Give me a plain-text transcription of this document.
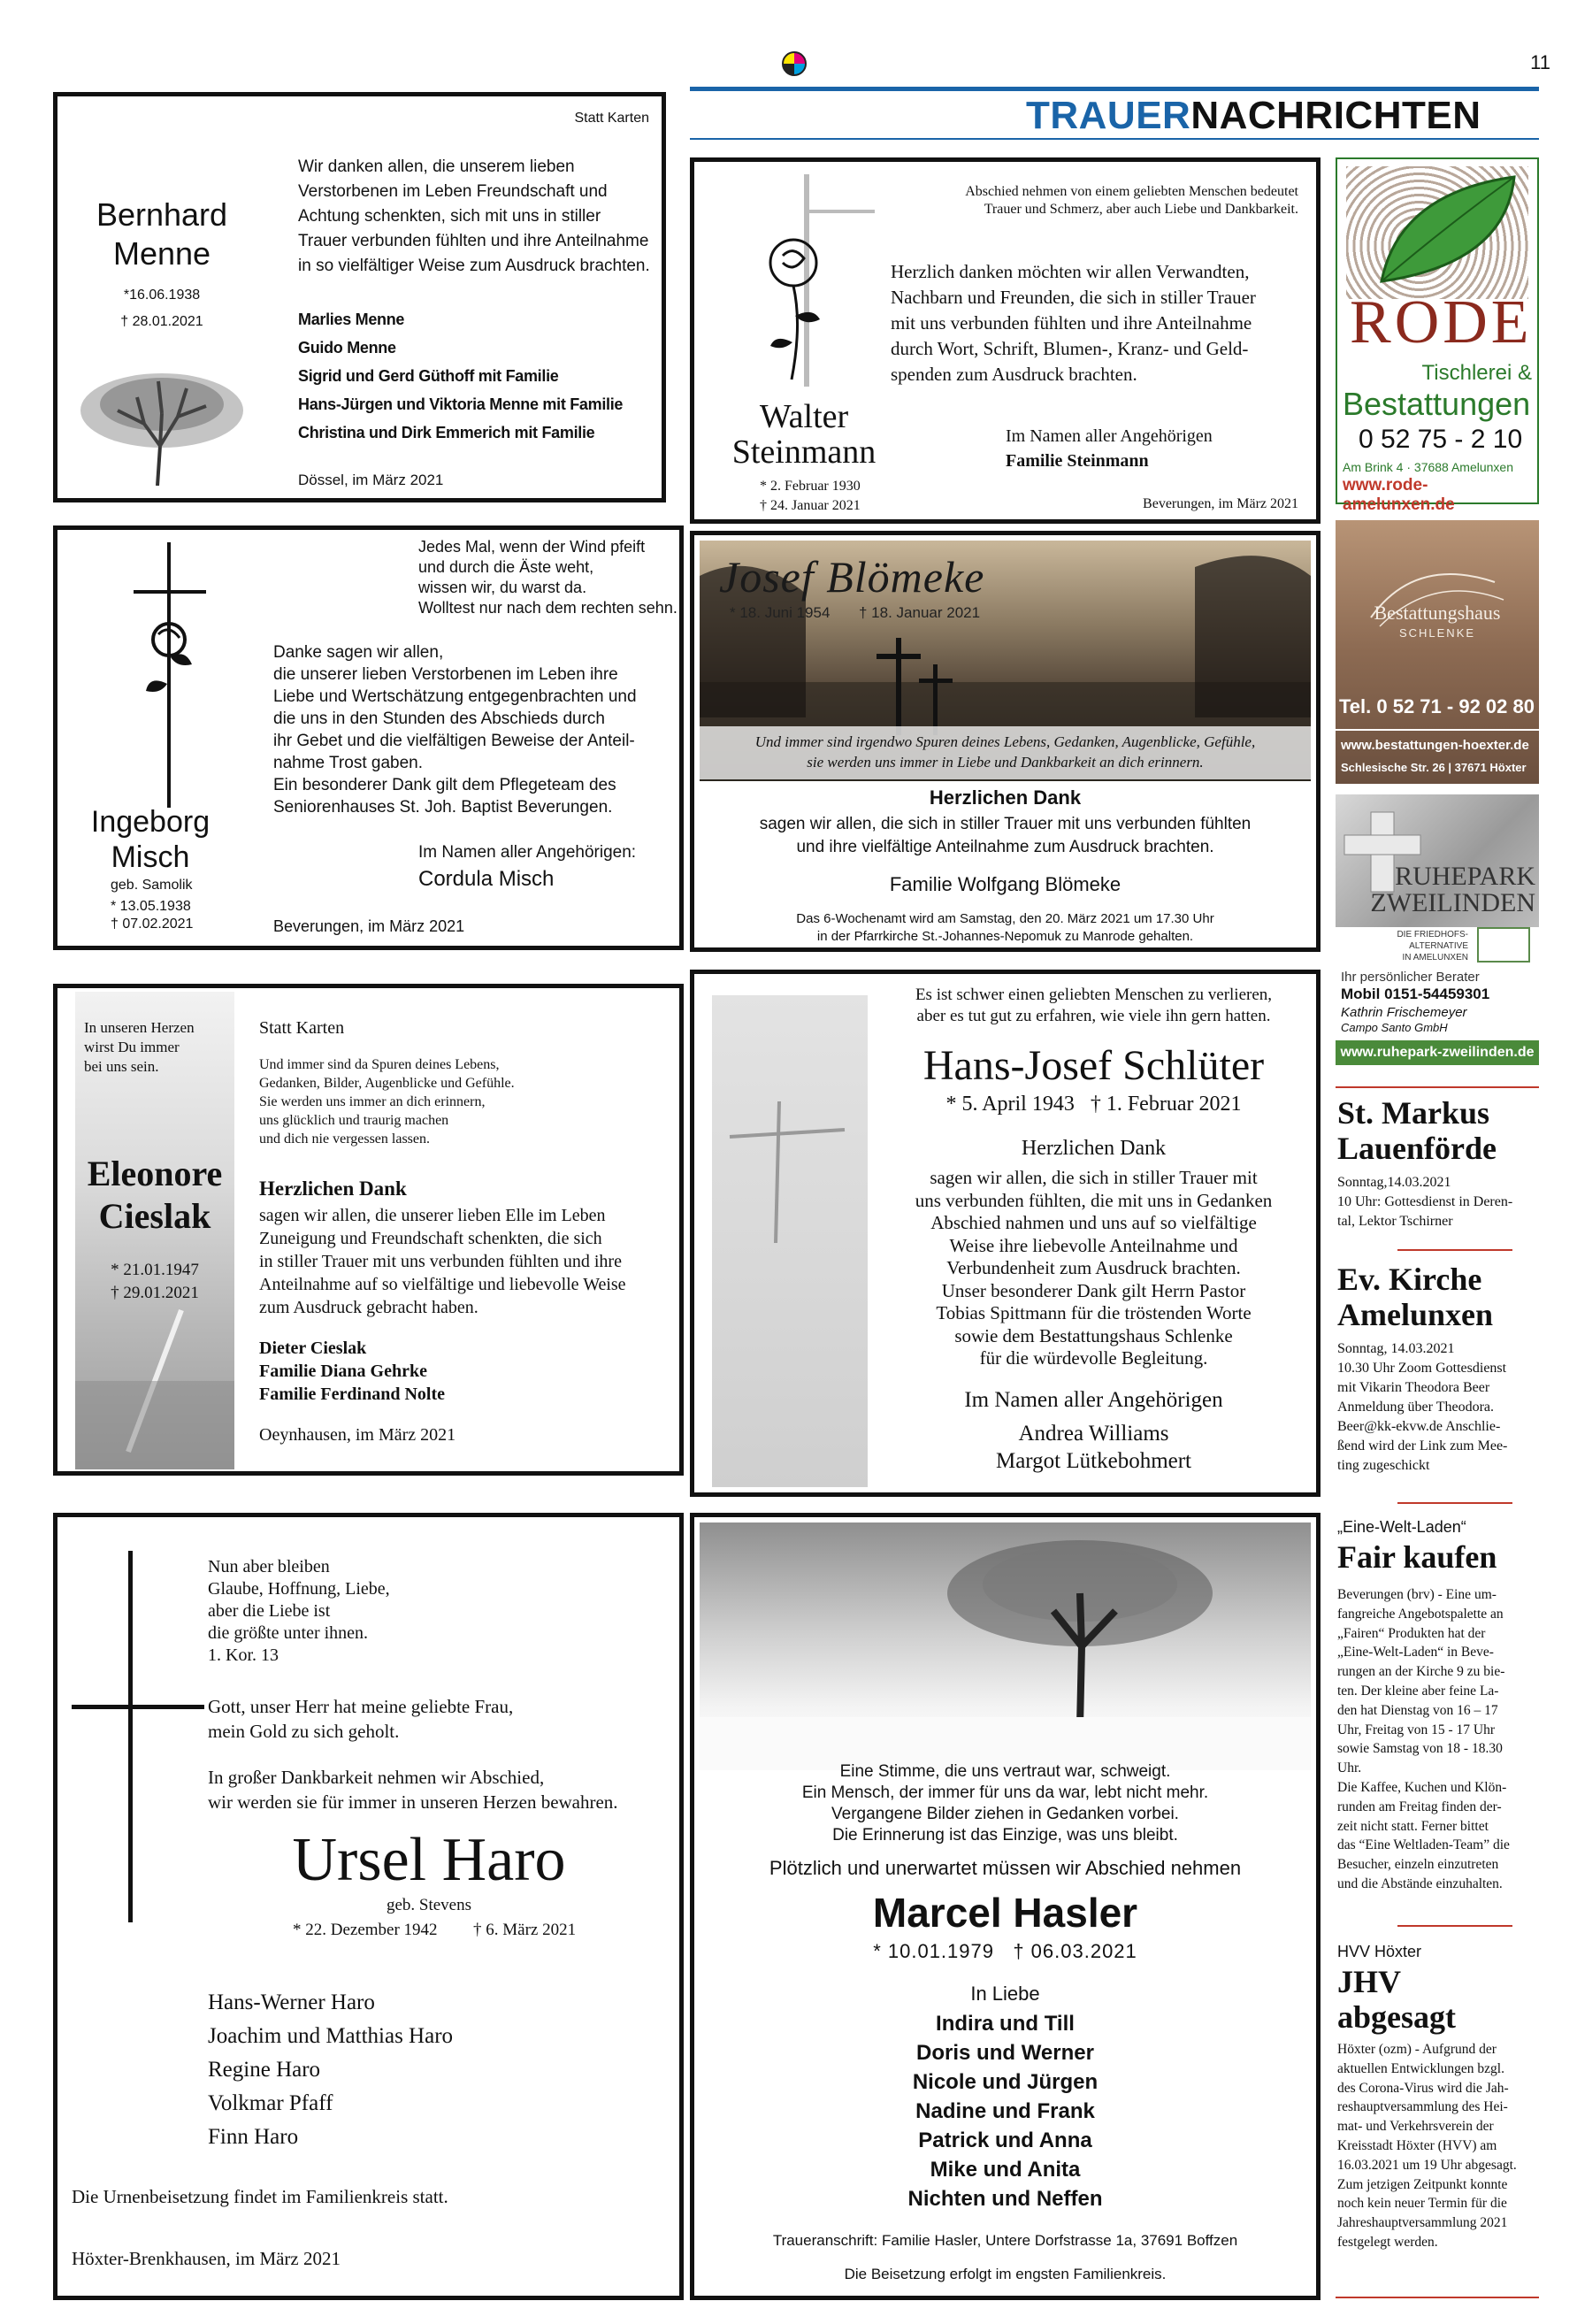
11
TRAUERNACHRICHTEN
Statt Karten
Bernhard
Menne
*16.06.1938
† 28.01.2021
Wir danken allen, die unserem lieben
Verstorbenen im Leben Freundschaft und
Achtung schenkten, sich mit uns in stiller
Trauer verbunden fühlten und ihre Anteilnahme
in so vielfältiger Weise zum Ausdruck brachten.
Marlies Menne
Guido Menne
Sigrid und Gerd Güthoff mit Familie
Hans-Jürgen und Viktoria Menne mit Familie
Christina und Dirk Emmerich mit Familie
Dössel, im März 2021
Abschied nehmen von einem geliebten Menschen bedeutet
Trauer und Schmerz, aber auch Liebe und Dankbarkeit.
Herzlich danken möchten wir allen Verwandten,
Nachbarn und Freunden, die sich in stiller Trauer
mit uns verbunden fühlten und ihre Anteilnahme
durch Wort, Schrift, Blumen-, Kranz- und Geld-
spenden zum Ausdruck brachten.
Walter
Steinmann
* 2. Februar 1930
† 24. Januar 2021
Im Namen aller Angehörigen
Familie Steinmann
Beverungen, im März 2021
RODE
Tischlerei &
Bestattungen
0 52 75 - 2 10
Am Brink 4 · 37688 Amelunxen
www.rode-amelunxen.de
Jedes Mal, wenn der Wind pfeift
und durch die Äste weht,
wissen wir, du warst da.
Wolltest nur nach dem rechten sehn.
Danke sagen wir allen,
die unserer lieben Verstorbenen im Leben ihre
Liebe und Wertschätzung entgegenbrachten und
die uns in den Stunden des Abschieds durch
ihr Gebet und die vielfältigen Beweise der Anteil-
nahme Trost gaben.
Ein besonderer Dank gilt dem Pflegeteam des
Seniorenhauses St. Joh. Baptist Beverungen.
Im Namen aller Angehörigen:
Cordula Misch
Ingeborg
Misch
geb. Samolik
* 13.05.1938
† 07.02.2021	Beverungen, im März 2021
Josef Blömeke
* 18. Juni 1954 † 18. Januar 2021
Und immer sind irgendwo Spuren deines Lebens, Gedanken, Augenblicke, Gefühle,
sie werden uns immer in Liebe und Dankbarkeit an dich erinnern.
Herzlichen Dank
sagen wir allen, die sich in stiller Trauer mit uns verbunden fühlten
und ihre vielfältige Anteilnahme zum Ausdruck brachten.
Familie Wolfgang Blömeke
Das 6-Wochenamt wird am Samstag, den 20. März 2021 um 17.30 Uhr
in der Pfarrkirche St.-Johannes-Nepomuk zu Manrode gehalten.
Bestattungshaus
SCHLENKE
Tel. 0 52 71 - 92 02 80
www.bestattungen-hoexter.de
Schlesische Str. 26 | 37671 Höxter
RUHEPARK
ZWEILINDEN
DIE FRIEDHOFS-
ALTERNATIVE
IN AMELUNXEN
Ihr persönlicher Berater
Mobil 0151-54459301
Kathrin Frischemeyer
Campo Santo GmbH
www.ruhepark-zweilinden.de
St. Markus
Lauenförde
Sonntag,14.03.2021
10 Uhr: Gottesdienst in Deren-
tal, Lektor Tschirner
Ev. Kirche
Amelunxen
Sonntag, 14.03.2021
10.30 Uhr Zoom Gottesdienst
mit Vikarin Theodora Beer
Anmeldung über Theodora.
Beer@kk-ekvw.de Anschlie-
ßend wird der Link zum Mee-
ting zugeschickt
„Eine-Welt-Laden“
Fair kaufen
Beverungen (brv) - Eine um-
fangreiche Angebotspalette an
„Fairen“ Produkten hat der
„Eine-Welt-Laden“ in Beve-
rungen an der Kirche 9 zu bie-
ten. Der kleine aber feine La-
den hat Dienstag von 16 – 17
Uhr, Freitag von 15 - 17 Uhr
sowie Samstag von 18 - 18.30
Uhr.
Die Kaffee, Kuchen und Klön-
runden am Freitag finden der-
zeit nicht statt. Ferner bittet
das “Eine Weltladen-Team” die
Besucher, einzeln einzutreten
und die Abstände einzuhalten.
HVV Höxter
JHV
abgesagt
Höxter (ozm) - Aufgrund der
aktuellen Entwicklungen bzgl.
des Corona-Virus wird die Jah-
reshauptversammlung des Hei-
mat- und Verkehrsverein der
Kreisstadt Höxter (HVV) am
16.03.2021 um 19 Uhr abgesagt.
Zum jetzigen Zeitpunkt konnte
noch kein neuer Termin für die
Jahreshauptversammlung 2021
festgelegt werden.
In unseren Herzen
wirst Du immer
bei uns sein.
Eleonore
Cieslak
* 21.01.1947
† 29.01.2021
Statt Karten
Und immer sind da Spuren deines Lebens,
Gedanken, Bilder, Augenblicke und Gefühle.
Sie werden uns immer an dich erinnern,
uns glücklich und traurig machen
und dich nie vergessen lassen.
Herzlichen Dank
sagen wir allen, die unserer lieben Elle im Leben
Zuneigung und Freundschaft schenkten, die sich
in stiller Trauer mit uns verbunden fühlten und ihre
Anteilnahme auf so vielfältige und liebevolle Weise
zum Ausdruck gebracht haben.
Dieter Cieslak
Familie Diana Gehrke
Familie Ferdinand Nolte
Oeynhausen, im März 2021
Es ist schwer einen geliebten Menschen zu verlieren,
aber es tut gut zu erfahren, wie viele ihn gern hatten.
Hans-Josef Schlüter
* 5. April 1943   † 1. Februar 2021
Herzlichen Dank
sagen wir allen, die sich in stiller Trauer mit
uns verbunden fühlten, die mit uns in Gedanken
Abschied nahmen und uns auf so vielfältige
Weise ihre liebevolle Anteilnahme und
Verbundenheit zum Ausdruck brachten.
Unser besonderer Dank gilt Herrn Pastor
Tobias Spittmann für die tröstenden Worte
sowie dem Bestattungshaus Schlenke
für die würdevolle Begleitung.
Im Namen aller Angehörigen
Andrea Williams
Margot Lütkebohmert
Nun aber bleiben
Glaube, Hoffnung, Liebe,
aber die Liebe ist
die größte unter ihnen.
1. Kor. 13
Gott, unser Herr hat meine geliebte Frau,
mein Gold zu sich geholt.
In großer Dankbarkeit nehmen wir Abschied,
wir werden sie für immer in unseren Herzen bewahren.
Ursel Haro
geb. Stevens
* 22. Dezember 1942 † 6. März 2021
Hans-Werner Haro
Joachim und Matthias Haro
Regine Haro
Volkmar Pfaff
Finn Haro
Die Urnenbeisetzung findet im Familienkreis statt.
Höxter-Brenkhausen, im März 2021
Eine Stimme, die uns vertraut war, schweigt.
Ein Mensch, der immer für uns da war, lebt nicht mehr.
Vergangene Bilder ziehen in Gedanken vorbei.
Die Erinnerung ist das Einzige, was uns bleibt.
Plötzlich und unerwartet müssen wir Abschied nehmen
Marcel Hasler
* 10.01.1979   † 06.03.2021
In Liebe
Indira und Till
Doris und Werner
Nicole und Jürgen
Nadine und Frank
Patrick und Anna
Mike und Anita
Nichten und Neffen
Traueranschrift: Familie Hasler, Untere Dorfstrasse 1a, 37691 Boffzen
Die Beisetzung erfolgt im engsten Familienkreis.
